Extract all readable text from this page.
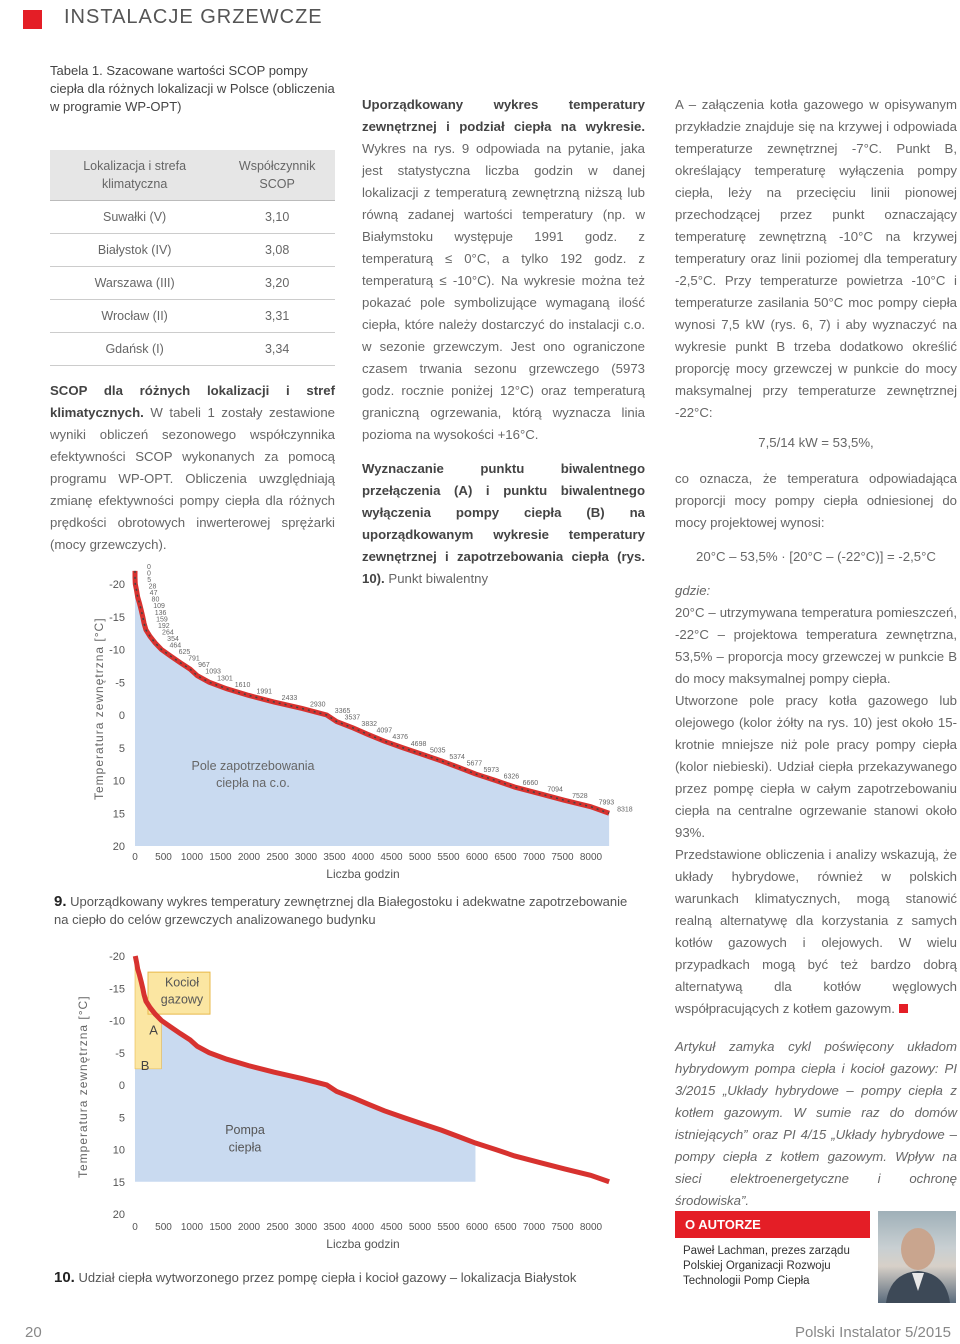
INSTALACJE GRZEWCZE
Tabela 1. Szacowane wartości SCOP pompy ciepła dla różnych lokalizacji w Polsce (obliczenia w programie WP-OPT)
Lokalizacja i strefa klimatyczna	Współczynnik SCOP
Suwałki (V)	3,10
Białystok (IV)	3,08
Warszawa (III)	3,20
Wrocław (II)	3,31
Gdańsk (I)	3,34

SCOP dla różnych lokalizacji i stref klimatycznych. W tabeli 1 zostały zestawione wyniki obliczeń sezonowego współczynnika efektywności SCOP wykonanych za pomocą programu WP-OPT. Obliczenia uwzględniają zmianę efektywności pompy ciepła dla różnych prędkości obrotowych inwerterowej sprężarki (mocy grzewczych).

Uporządkowany wykres temperatury zewnętrznej i podział ciepła na wykresie. Wykres na rys. 9 odpowiada na pytanie, jaka jest statystyczna liczba godzin w danej lokalizacji z temperaturą zewnętrzną niższą lub równą zadanej wartości temperatury (np. w Białymstoku występuje 1991 godz. z temperaturą ≤ 0°C, a tylko 192 godz. z temperaturą ≤ -10°C). Na wykresie można też pokazać pole symbolizujące wymaganą ilość ciepła, które należy dostarczyć do instalacji c.o. w sezonie grzewczym. Jest ono ograniczone czasem trwania sezonu grzewczego (5973 godz. rocznie poniżej 12°C) oraz temperaturą graniczną ogrzewania, którą wyznacza linia pozioma na wysokości +16°C.

Wyznaczanie punktu biwalentnego przełączenia (A) i punktu biwalentnego wyłączenia pompy ciepła (B) na uporządkowanym wykresie temperatury zewnętrznej i zapotrzebowania ciepła (rys. 10). Punkt biwalentny

A – załączenia kotła gazowego w opisywanym przykładzie znajduje się na krzywej i odpowiada temperaturze zewnętrznej -7°C. Punkt B, określający temperaturę wyłączenia pompy ciepła, leży na przecięciu linii pionowej przechodzącej przez punkt oznaczający temperaturę zewnętrzną -10°C na krzywej temperatury oraz linii poziomej dla temperatury -2,5°C. Przy temperaturze powietrza -10°C i temperaturze zasilania 50°C moc pompy ciepła wynosi 7,5 kW (rys. 6, 7) i aby wyznaczyć na wykresie punkt B trzeba dodatkowo określić proporcję mocy grzewczej w punkcie do mocy maksymalnej przy temperaturze zewnętrznej -22°C:

7,5/14 kW = 53,5%,

co oznacza, że temperatura odpowiadająca proporcji mocy pompy ciepła odniesionej do mocy projektowej wynosi:

20°C – 53,5% · [20°C – (-22°C)] = -2,5°C

gdzie:

20°C – utrzymywana temperatura pomieszczeń, -22°C – projektowa temperatura zewnętrzna, 53,5% – proporcja mocy grzewczej w punkcie B do mocy maksymalnej pompy ciepła.

Utworzone pole pracy kotła gazowego lub olejowego (kolor żółty na rys. 10) jest około 15-krotnie mniejsze niż pole pracy pompy ciepła (kolor niebieski). Udział ciepła przekazywanego przez pompę ciepła w całym zapotrzebowaniu ciepła na centralne ogrzewanie stanowi około 93%.

Przedstawione obliczenia i analizy wskazują, że układy hybrydowe, również w polskich warunkach klimatycznych, mogą stanowić realną alternatywę dla korzystania z samych kotłów gazowych i olejowych. W wielu przypadkach mogą być też bardzo dobrą alternatywą dla kotłów węglowych współpracujących z kotłem gazowym.

Artykuł zamyka cykl poświęcony układom hybrydowym pompa ciepła i kocioł gazowy: PI 3/2015 „Układy hybrydowe – pompy ciepła z kotłem gazowym. W sumie raz do domów istniejących” oraz PI 4/15 „Układy hybrydowe – pompy ciepła z kotłem gazowym. Wpływ na sieci elektroenergetyczne i ochronę środowiska”.

-20
-15
-10
-5
0
5
10
15
20
0 500 1000 1500 2000 2500 3000 3500 4000 4500 5000 5500 6000 6500 7000 7500 8000
Liczba godzin
0
0
5
28
47
80
109
136
159
192
264
354
464
625
791
967
1093
1301
1610
1991
2433
2930
3365
3537
3832
4097
4376
4698
5035
5374
5677
5973
6326
6660
7094
7528
7993
8318
Pole zapotrzebowania
ciepła na c.o.
Temperatura zewnętrzna [°C]
9. Uporządkowany wykres temperatury zewnętrznej dla Białegostoku i adekwatne zapotrzebowanie na ciepło do celów grzewczych analizowanego budynku
-20
-15
-10
-5
0
5
10
15
20
0 500 1000 1500 2000 2500 3000 3500 4000 4500 5000 5500 6000 6500 7000 7500 8000
Liczba godzin
Kocioł
gazowy
Pompa
ciepła
A
B
Temperatura zewnętrzna [°C]
10. Udział ciepła wytworzonego przez pompę ciepła i kocioł gazowy – lokalizacja Białystok
O AUTORZE
Paweł Lachman, prezes zarządu Polskiej Organizacji Rozwoju Technologii Pomp Ciepła
20	Polski Instalator 5/2015
